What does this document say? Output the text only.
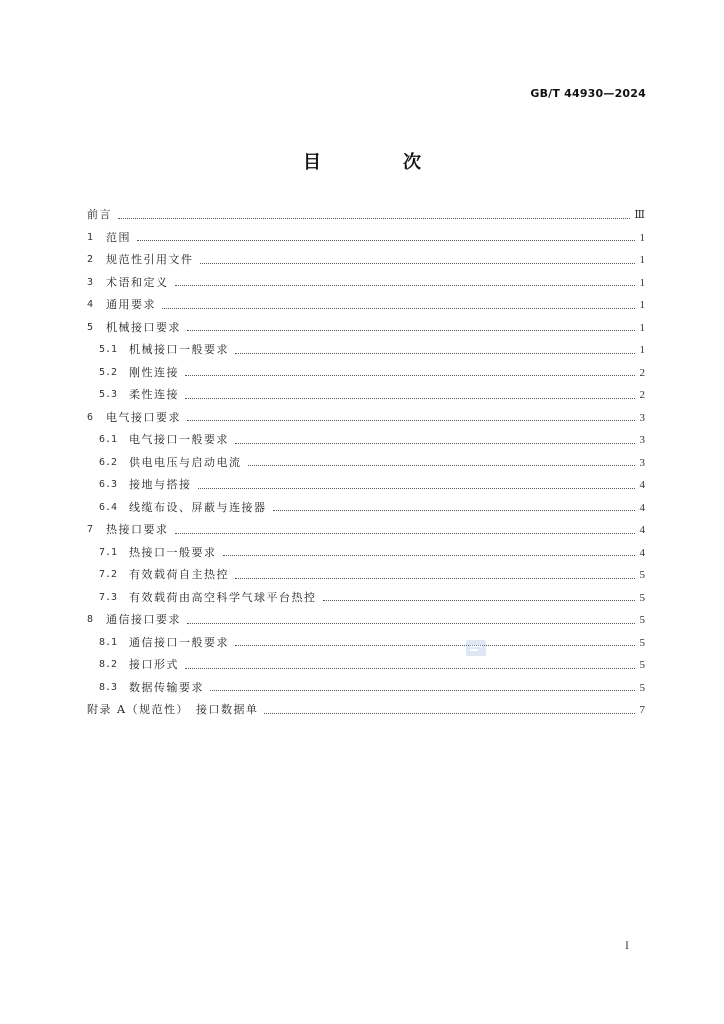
GB/T 44930—2024
目　次
前言	Ⅲ
1	范围	1
2	规范性引用文件	1
3	术语和定义	1
4	通用要求	1
5	机械接口要求	1
5.1	机械接口一般要求	1
5.2	刚性连接	2
5.3	柔性连接	2
6	电气接口要求	3
6.1	电气接口一般要求	3
6.2	供电电压与启动电流	3
6.3	接地与搭接	4
6.4	线缆布设、屏蔽与连接器	4
7	热接口要求	4
7.1	热接口一般要求	4
7.2	有效载荷自主热控	5
7.3	有效载荷由高空科学气球平台热控	5
8	通信接口要求	5
8.1	通信接口一般要求	5
8.2	接口形式	5
8.3	数据传输要求	5
附录 A（规范性）　接口数据单	7
I
